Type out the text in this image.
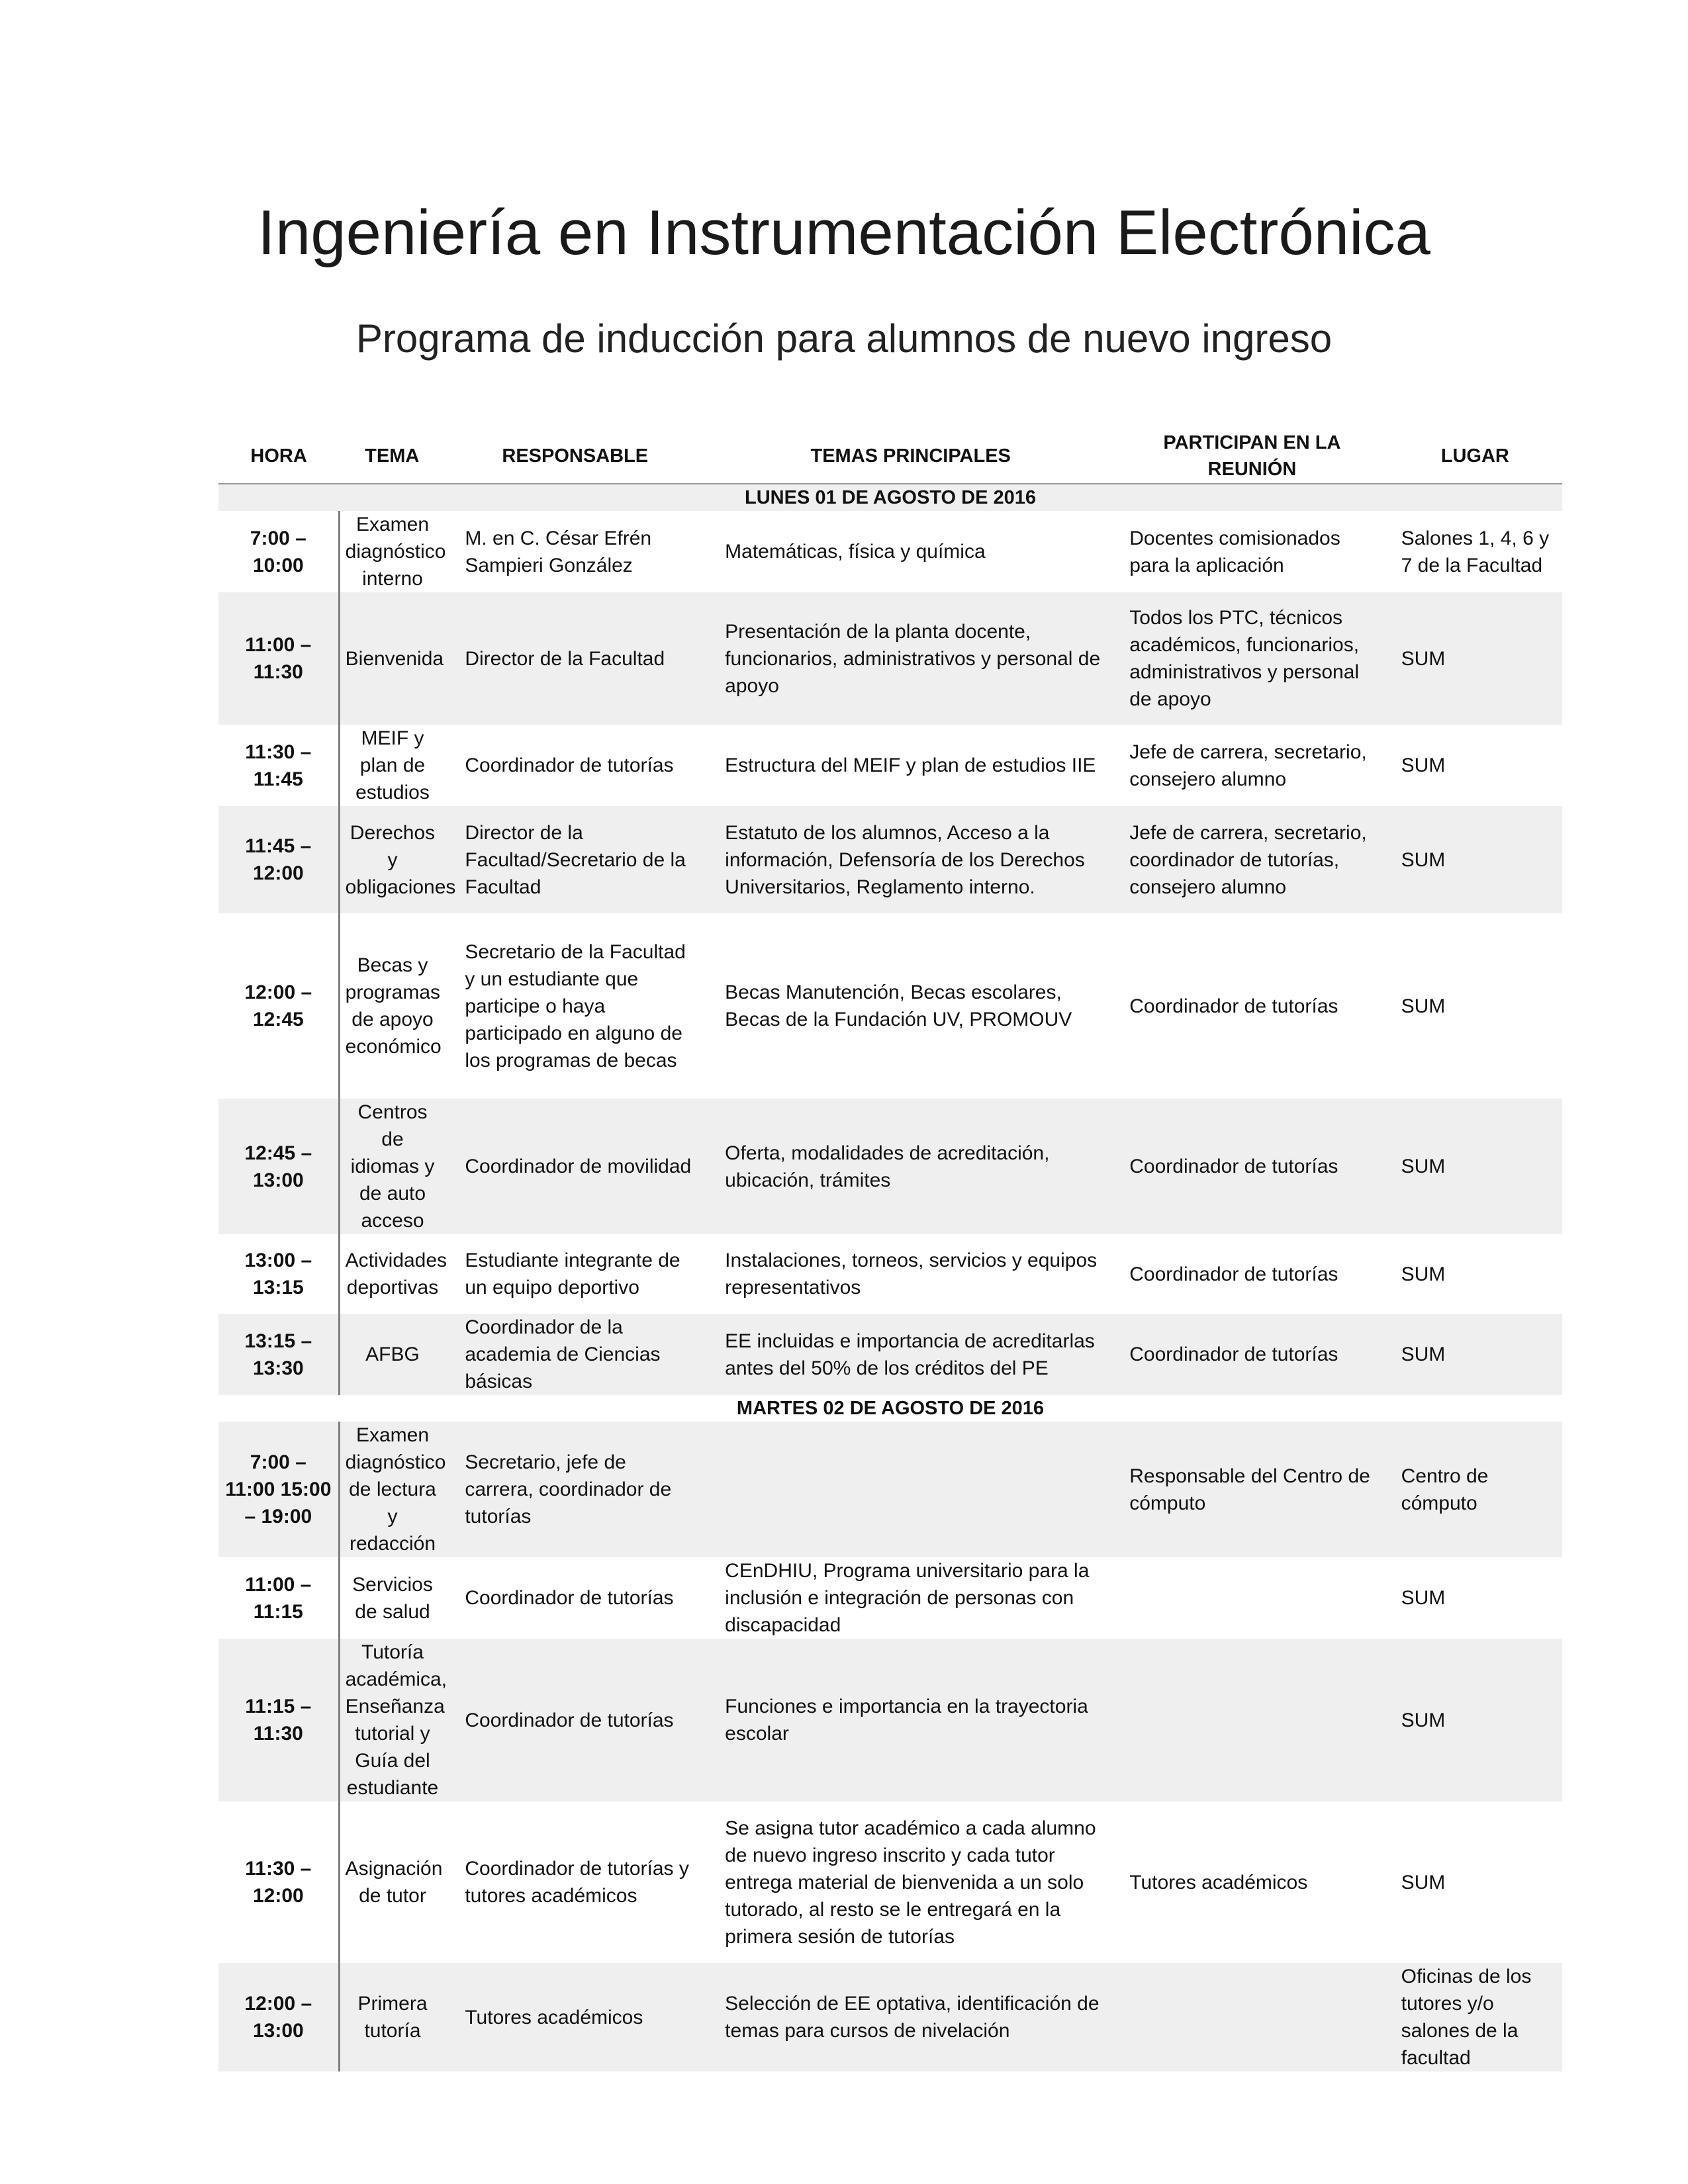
Ingeniería en Instrumentación Electrónica
Programa de inducción para alumnos de nuevo ingreso
HORA	TEMA	RESPONSABLE	TEMAS PRINCIPALES	PARTICIPAN EN LA REUNIÓN	LUGAR
LUNES 01 DE AGOSTO DE 2016					
7:00 – 10:00	Examen diagnóstico interno	M. en C. César Efrén Sampieri González	Matemáticas, física y química	Docentes comisionados para la aplicación	Salones 1, 4, 6 y 7 de la Facultad
11:00 – 11:30	Bienvenida	Director de la Facultad	Presentación de la planta docente, funcionarios, administrativos y personal de apoyo	Todos los PTC, técnicos académicos, funcionarios, administrativos y personal de apoyo	SUM
11:30 – 11:45	MEIF y plan de estudios	Coordinador de tutorías	Estructura del MEIF y plan de estudios IIE	Jefe de carrera, secretario, consejero alumno	SUM
11:45 – 12:00	Derechos y obligaciones	Director de la Facultad/Secretario de la Facultad	Estatuto de los alumnos, Acceso a la información, Defensoría de los Derechos Universitarios, Reglamento interno.	Jefe de carrera, secretario, coordinador de tutorías, consejero alumno	SUM
12:00 – 12:45	Becas y programas de apoyo económico	Secretario de la Facultad y un estudiante que participe o haya participado en alguno de los programas de becas	Becas Manutención, Becas escolares, Becas de la Fundación UV, PROMOUV	Coordinador de tutorías	SUM
12:45 – 13:00	Centros de idiomas y de auto acceso	Coordinador de movilidad	Oferta, modalidades de acreditación, ubicación, trámites	Coordinador de tutorías	SUM
13:00 – 13:15	Actividades deportivas	Estudiante integrante de un equipo deportivo	Instalaciones, torneos, servicios y equipos representativos	Coordinador de tutorías	SUM
13:15 – 13:30	AFBG	Coordinador de la academia de Ciencias básicas	EE incluidas e importancia de acreditarlas antes del 50% de los créditos del PE	Coordinador de tutorías	SUM
MARTES 02 DE AGOSTO DE 2016					
7:00 – 11:00 15:00 – 19:00	Examen diagnóstico de lectura y redacción	Secretario, jefe de carrera, coordinador de tutorías		Responsable del Centro de cómputo	Centro de cómputo
11:00 – 11:15	Servicios de salud	Coordinador de tutorías	CEnDHIU, Programa universitario para la inclusión e integración de personas con discapacidad		SUM
11:15 – 11:30	Tutoría académica, Enseñanza tutorial y Guía del estudiante	Coordinador de tutorías	Funciones e importancia en la trayectoria escolar		SUM
11:30 – 12:00	Asignación de tutor	Coordinador de tutorías y tutores académicos	Se asigna tutor académico a cada alumno de nuevo ingreso inscrito y cada tutor entrega material de bienvenida a un solo tutorado, al resto se le entregará en la primera sesión de tutorías	Tutores académicos	SUM
12:00 – 13:00	Primera tutoría	Tutores académicos	Selección de EE optativa, identificación de temas para cursos de nivelación		Oficinas de los tutores y/o salones de la facultad
